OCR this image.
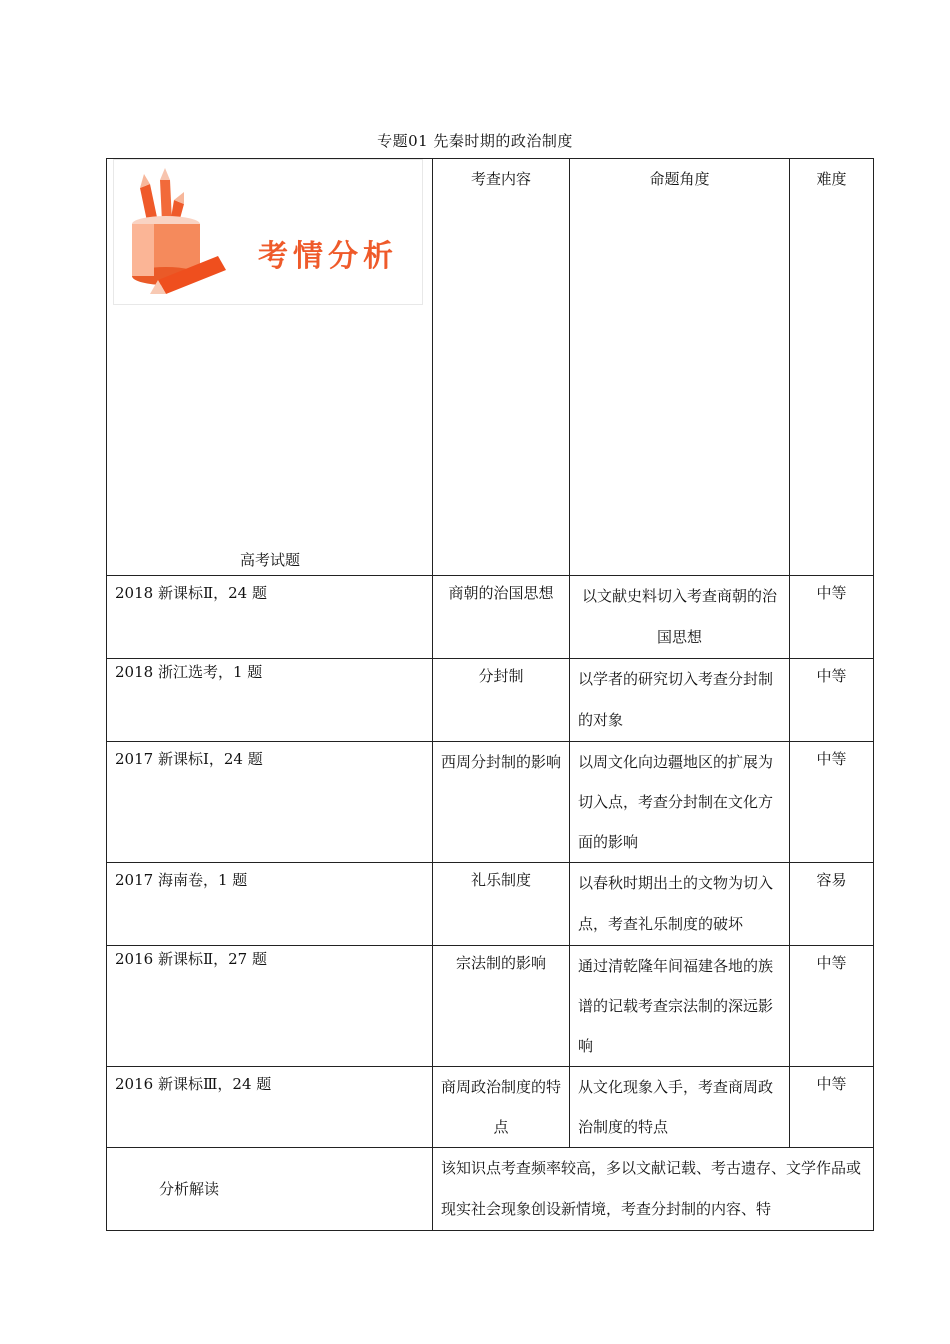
专题01 先秦时期的政治制度
考情分析
高考试题	考查内容	命题角度	难度
2018 新课标Ⅱ，24 题	商朝的治国思想	以文献史料切入考查商朝的治国思想	中等
2018 浙江选考，1 题	分封制	以学者的研究切入考查分封制的对象	中等
2017 新课标Ⅰ，24 题	西周分封制的影响	以周文化向边疆地区的扩展为切入点，考查分封制在文化方面的影响	中等
2017 海南卷，1 题	礼乐制度	以春秋时期出土的文物为切入点，考查礼乐制度的破坏	容易
2016 新课标Ⅱ，27 题	宗法制的影响	通过清乾隆年间福建各地的族谱的记载考查宗法制的深远影响	中等
2016 新课标Ⅲ，24 题	商周政治制度的特点	从文化现象入手，考查商周政治制度的特点	中等
分析解读	该知识点考查频率较高，多以文献记载、考古遗存、文学作品或现实社会现象创设新情境，考查分封制的内容、特		
